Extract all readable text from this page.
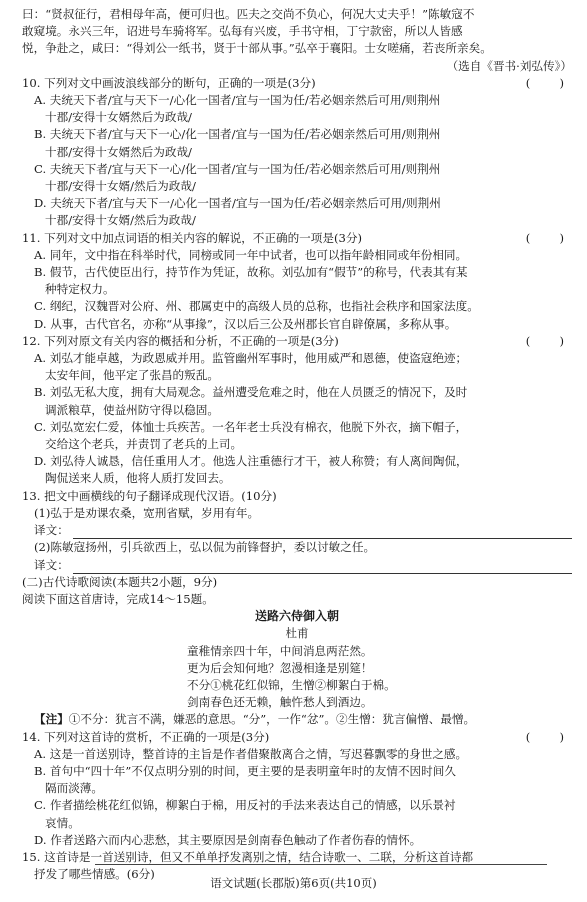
曰：“贤叔征行，君相母年高，便可归也。匹夫之交尚不负心，何况大丈夫乎！”陈敏寇不
敢窥境。永兴三年，诏进号车骑将军。弘每有兴废，手书守相，丁宁款密，所以人皆感
悦，争赴之，咸曰：“得刘公一纸书，贤于十部从事。”弘卒于襄阳。士女嗟痛，若丧所亲矣。
（选自《晋书·刘弘传》）
(　　)
10. 下列对文中画波浪线部分的断句，正确的一项是(3分)
A. 夫统天下者/宜与天下一/心化一国者/宜与一国为任/若必姻亲然后可用/则荆州
十郡/安得十女婿然后为政哉/
B. 夫统天下者/宜与天下一心/化一国者/宜与一国为任/若必姻亲然后可用/则荆州
十郡/安得十女婿然后为政哉/
C. 夫统天下者/宜与天下一心/化一国者/宜与一国为任/若必姻亲然后可用/则荆州
十郡/安得十女婿/然后为政哉/
D. 夫统天下者/宜与天下一/心化一国者/宜与一国为任/若必姻亲然后可用/则荆州
十郡/安得十女婿/然后为政哉/
(　　)
11. 下列对文中加点词语的相关内容的解说，不正确的一项是(3分)
A. 同年，文中指在科举时代，同榜或同一年中试者，也可以指年龄相同或年份相同。
B. 假节，古代使臣出行，持节作为凭证，故称。刘弘加有“假节”的称号，代表其有某
种特定权力。
C. 纲纪，汉魏晋对公府、州、郡属吏中的高级人员的总称，也指社会秩序和国家法度。
D. 从事，古代官名，亦称“从事掾”，汉以后三公及州郡长官自辟僚属，多称从事。
(　　)
12. 下列对原文有关内容的概括和分析，不正确的一项是(3分)
A. 刘弘才能卓越，为政恩威并用。监管幽州军事时，他用威严和恩德，使盗寇绝迹；
太安年间，他平定了张昌的叛乱。
B. 刘弘无私大度，拥有大局观念。益州遭受危难之时，他在人员匮乏的情况下，及时
调派粮草，使益州防守得以稳固。
C. 刘弘宽宏仁爱，体恤士兵疾苦。一名年老士兵没有棉衣，他脱下外衣，摘下帽子，
交给这个老兵，并责罚了老兵的上司。
D. 刘弘待人诚恳，信任重用人才。他选人注重德行才干，被人称赞；有人离间陶侃，
陶侃送来人质，他将人质打发回去。
13. 把文中画横线的句子翻译成现代汉语。(10分)
(1)弘于是劝课农桑，宽刑省赋，岁用有年。
译文：
(2)陈敏寇扬州，引兵欲西上，弘以侃为前锋督护，委以讨敏之任。
译文：
(二)古代诗歌阅读(本题共2小题，9分)
阅读下面这首唐诗，完成14～15题。
送路六侍御入朝
杜甫
童稚情亲四十年，中间消息两茫然。
更为后会知何地？忽漫相逢是别筵！
不分①桃花红似锦，生憎②柳絮白于棉。
剑南春色还无赖，触忤愁人到酒边。
【注】①不分：犹言不满，嫌恶的意思。“分”，一作“忿”。②生憎：犹言偏憎、最憎。
(　　)
14. 下列对这首诗的赏析，不正确的一项是(3分)
A. 这是一首送别诗，整首诗的主旨是作者借聚散离合之情，写迟暮飘零的身世之感。
B. 首句中“四十年”不仅点明分别的时间，更主要的是表明童年时的友情不因时间久
隔而淡薄。
C. 作者描绘桃花红似锦，柳絮白于棉，用反衬的手法来表达自己的情感，以乐景衬
哀情。
D. 作者送路六而内心悲愁，其主要原因是剑南春色触动了作者伤春的情怀。
15. 这首诗是一首送别诗，但又不单单抒发离别之情，结合诗歌一、二联，分析这首诗都
抒发了哪些情感。(6分)
语文试题(长郡版)第6页(共10页)
